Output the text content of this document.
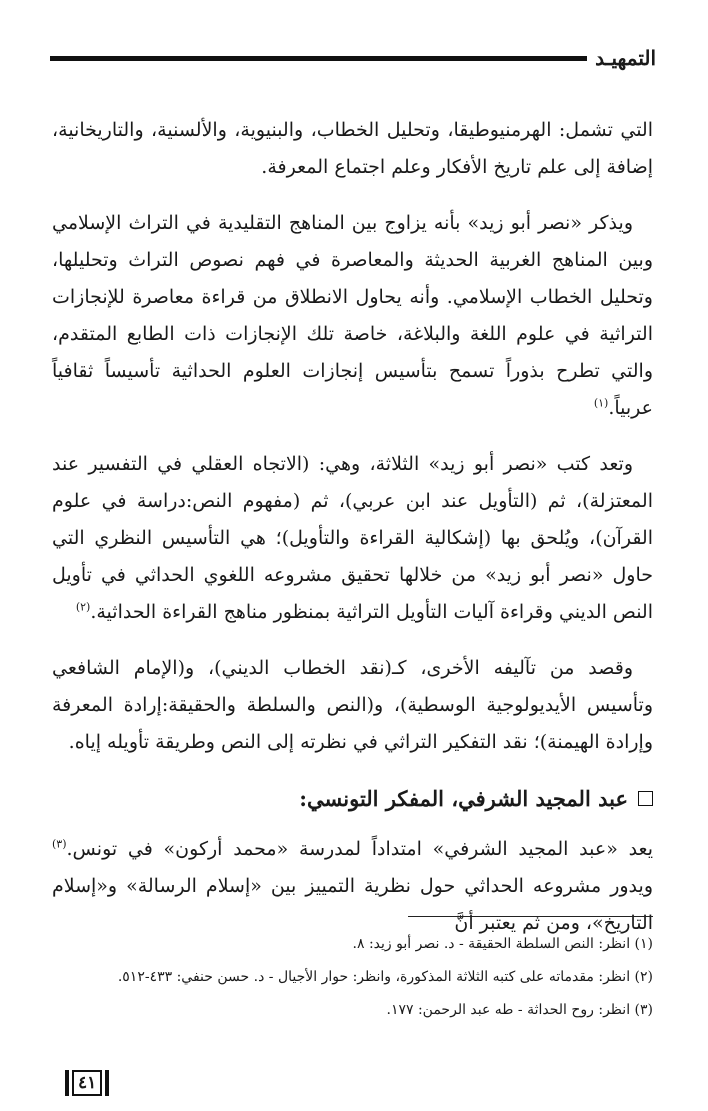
التمهيـد

التي تشمل: الهرمنيوطيقا، وتحليل الخطاب، والبنيوية، والألسنية، والتاريخانية، إضافة إلى علم تاريخ الأفكار وعلم اجتماع المعرفة.

ويذكر «نصر أبو زيد» بأنه يزاوج بين المناهج التقليدية في التراث الإسلامي وبين المناهج الغربية الحديثة والمعاصرة في فهم نصوص التراث وتحليلها، وتحليل الخطاب الإسلامي. وأنه يحاول الانطلاق من قراءة معاصرة للإنجازات التراثية في علوم اللغة والبلاغة، خاصة تلك الإنجازات ذات الطابع المتقدم، والتي تطرح بذوراً تسمح بتأسيس إنجازات العلوم الحداثية تأسيساً ثقافياً عربياً.$^{(١)}$

وتعد كتب «نصر أبو زيد» الثلاثة، وهي: (الاتجاه العقلي في التفسير عند المعتزلة)، ثم (التأويل عند ابن عربي)، ثم (مفهوم النص:دراسة في علوم القرآن)، ويُلحق بها (إشكالية القراءة والتأويل)؛ هي التأسيس النظري التي حاول «نصر أبو زيد» من خلالها تحقيق مشروعه اللغوي الحداثي في تأويل النص الديني وقراءة آليات التأويل التراثية بمنظور مناهج القراءة الحداثية.$^{(٢)}$

وقصد من تآليفه الأخرى، كـ(نقد الخطاب الديني)، و(الإمام الشافعي وتأسيس الأيديولوجية الوسطية)، و(النص والسلطة والحقيقة:إرادة المعرفة وإرادة الهيمنة)؛ نقد التفكير التراثي في نظرته إلى النص وطريقة تأويله إياه.

عبد المجيد الشرفي، المفكر التونسي:

يعد «عبد المجيد الشرفي» امتداداً لمدرسة «محمد أركون» في تونس.$^{(٣)}$ ويدور مشروعه الحداثي حول نظرية التمييز بين «إسلام الرسالة» و«إسلام التاريخ»، ومن ثم يعتبر أنَّ

(١) انظر: النص السلطة الحقيقة - د. نصر أبو زيد: ٨.
(٢) انظر: مقدماته على كتبه الثلاثة المذكورة، وانظر: حوار الأجيال - د. حسن حنفي: ٤٣٣-٥١٢.
(٣) انظر: روح الحداثة - طه عبد الرحمن: ١٧٧.
٤١
